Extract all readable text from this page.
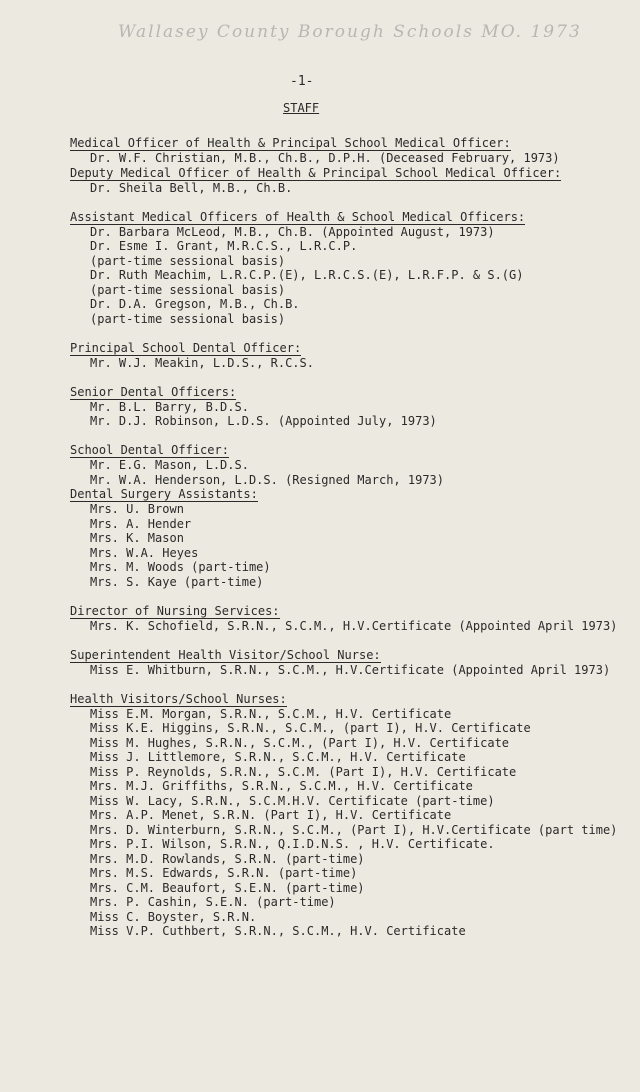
Wallasey County Borough Schools MO. 1973
-1-
STAFF
Medical Officer of Health & Principal School Medical Officer:
Dr. W.F. Christian, M.B., Ch.B., D.P.H. (Deceased February, 1973)
Deputy Medical Officer of Health & Principal School Medical Officer:
Dr. Sheila Bell, M.B., Ch.B.
Assistant Medical Officers of Health & School Medical Officers:
Dr. Barbara McLeod, M.B., Ch.B. (Appointed August, 1973)
Dr. Esme I. Grant, M.R.C.S., L.R.C.P.
(part-time sessional basis)
Dr. Ruth Meachim, L.R.C.P.(E), L.R.C.S.(E), L.R.F.P. & S.(G)
(part-time sessional basis)
Dr. D.A. Gregson, M.B., Ch.B.
(part-time sessional basis)
Principal School Dental Officer:
Mr. W.J. Meakin, L.D.S., R.C.S.
Senior Dental Officers:
Mr. B.L. Barry, B.D.S.
Mr. D.J. Robinson, L.D.S. (Appointed July, 1973)
School Dental Officer:
Mr. E.G. Mason, L.D.S.
Mr. W.A. Henderson, L.D.S. (Resigned March, 1973)
Dental Surgery Assistants:
Mrs. U. Brown
Mrs. A. Hender
Mrs. K. Mason
Mrs. W.A. Heyes
Mrs. M. Woods (part-time)
Mrs. S. Kaye (part-time)
Director of Nursing Services:
Mrs. K. Schofield, S.R.N., S.C.M., H.V.Certificate (Appointed April 1973)
Superintendent Health Visitor/School Nurse:
Miss E. Whitburn, S.R.N., S.C.M., H.V.Certificate (Appointed April 1973)
Health Visitors/School Nurses:
Miss E.M. Morgan, S.R.N., S.C.M., H.V. Certificate
Miss K.E. Higgins, S.R.N., S.C.M., (part I), H.V. Certificate
Miss M. Hughes, S.R.N., S.C.M., (Part I), H.V. Certificate
Miss J. Littlemore, S.R.N., S.C.M., H.V. Certificate
Miss P. Reynolds, S.R.N., S.C.M. (Part I), H.V. Certificate
Mrs. M.J. Griffiths, S.R.N., S.C.M., H.V. Certificate
Miss W. Lacy, S.R.N., S.C.M.H.V. Certificate (part-time)
Mrs. A.P. Menet, S.R.N. (Part I), H.V. Certificate
Mrs. D. Winterburn, S.R.N., S.C.M., (Part I), H.V.Certificate (part time)
Mrs. P.I. Wilson, S.R.N., Q.I.D.N.S. , H.V. Certificate.
Mrs. M.D. Rowlands, S.R.N. (part-time)
Mrs. M.S. Edwards, S.R.N. (part-time)
Mrs. C.M. Beaufort, S.E.N. (part-time)
Mrs. P. Cashin, S.E.N. (part-time)
Miss C. Boyster, S.R.N.
Miss V.P. Cuthbert, S.R.N., S.C.M., H.V. Certificate
